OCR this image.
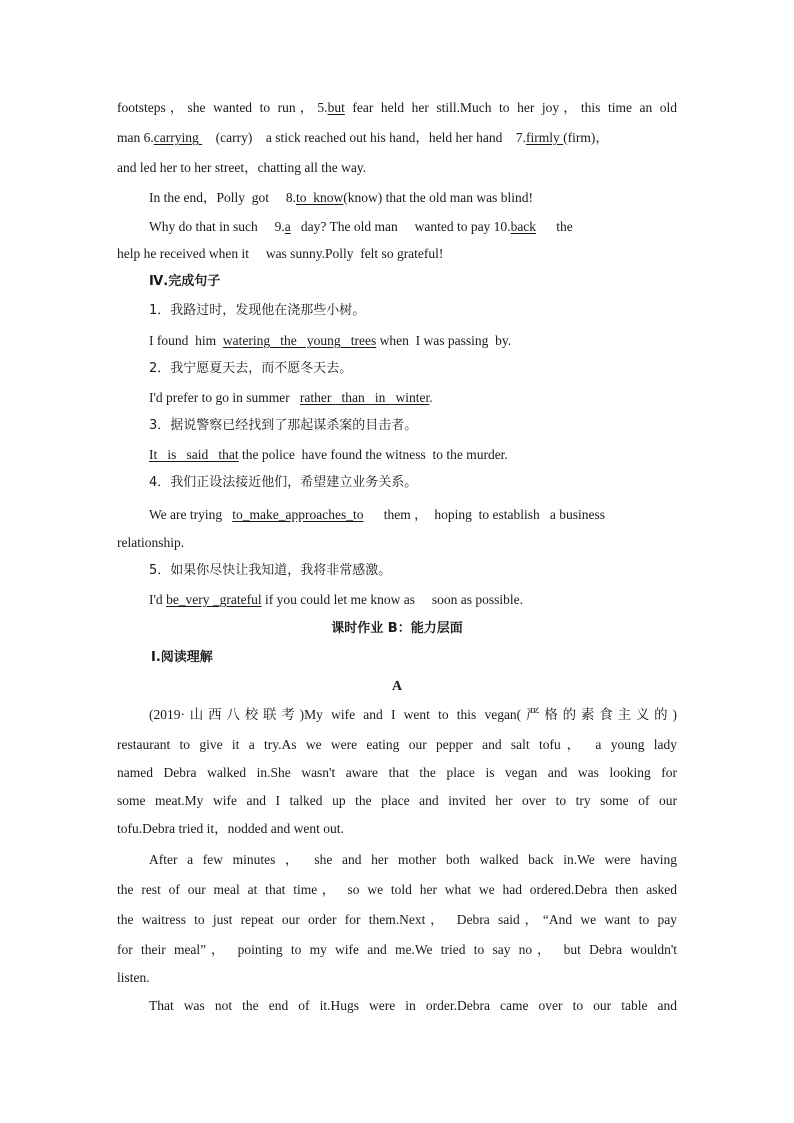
footsteps，she wanted to run，5.but fear held her still.Much to her joy，this time an old
man 6.carrying     (carry)    a stick reached out his hand，held her hand    7.firmly (firm)，
and led her to her street，chatting all the way.
In the end，Polly  got     8.to  know(know) that the old man was blind!
Why do that in such     9.a   day? The old man     wanted to pay 10.back      the
help he received when it     was sunny.Polly  felt so grateful!
Ⅳ.完成句子
1．我路过时，发现他在浇那些小树。
I found  him  watering   the   young   trees when  I was passing  by.
2．我宁愿夏天去，而不愿冬天去。
I'd prefer to go in summer   rather   than   in   winter.
3．据说警察已经找到了那起谋杀案的目击者。
It   is   said   that the police  have found the witness  to the murder.
4．我们正设法接近他们，希望建立业务关系。
We are trying   to_make_approaches_to      them ，  hoping  to establish   a business
relationship.
5．如果你尽快让我知道，我将非常感激。
I'd be_very _grateful if you could let me know as     soon as possible.
课时作业 B：能力层面
Ⅰ.阅读理解
A
(2019·山西八校联考)My wife and I went to this vegan(严格的素食主义的)
restaurant to give it a try.As we were eating our pepper and salt tofu， a young lady
named Debra walked in.She wasn't aware that the place is vegan and was looking for
some meat.My wife and I talked up the place and invited her over to try some of our
tofu.Debra tried it，nodded and went out.
After a few minutes ， she and her mother both walked back in.We were having
the rest of our meal at that time， so we told her what we had ordered.Debra then asked
the waitress to just repeat our order for them.Next， Debra said，“And we want to pay
for their meal”， pointing to my wife and me.We tried to say no， but Debra wouldn't
listen.
That was not the end of it.Hugs were in order.Debra came over to our table and
